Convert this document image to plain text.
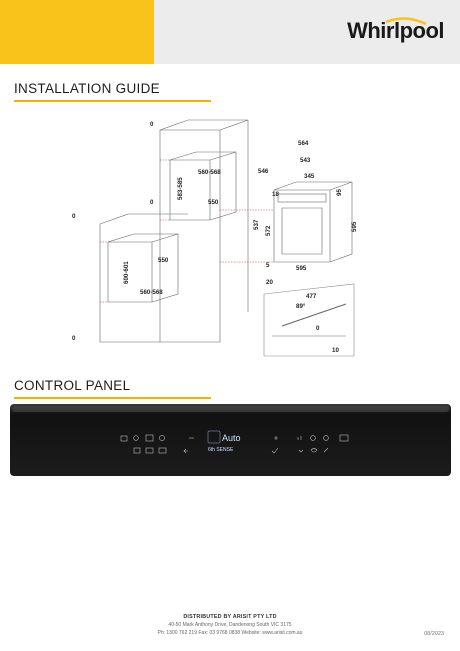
Whirlpool
INSTALLATION GUIDE
0
0
0
0
560-568
550
583-585
560-568
550
600-601
564
543
546
345
18	95
537
572	595
5	595
20
477
89°
0
10
CONTROL PANEL
Auto
6th SENSE
DISTRIBUTED BY ARISIT PTY LTD
40-50 Mark Anthony Drive, Dandenong South VIC 3175
Ph: 1300 762 219 Fax: 03 9768 0838 Website: www.arisit.com.au	08/2023
